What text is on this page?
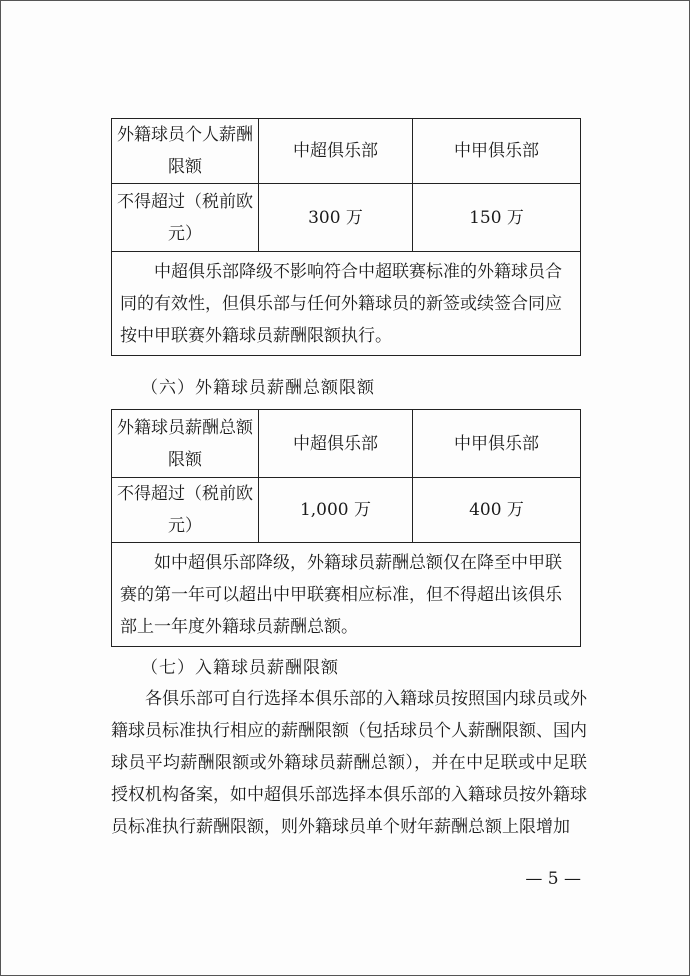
外籍球员个人薪酬限额	中超俱乐部	中甲俱乐部
不得超过（税前欧元）	300 万	150 万
中超俱乐部降级不影响符合中超联赛标准的外籍球员合同的有效性，但俱乐部与任何外籍球员的新签或续签合同应按中甲联赛外籍球员薪酬限额执行。		
（六）外籍球员薪酬总额限额
外籍球员薪酬总额限额	中超俱乐部	中甲俱乐部
不得超过（税前欧元）	1,000 万	400 万
如中超俱乐部降级，外籍球员薪酬总额仅在降至中甲联赛的第一年可以超出中甲联赛相应标准，但不得超出该俱乐部上一年度外籍球员薪酬总额。		
（七）入籍球员薪酬限额
各俱乐部可自行选择本俱乐部的入籍球员按照国内球员或外籍球员标准执行相应的薪酬限额（包括球员个人薪酬限额、国内球员平均薪酬限额或外籍球员薪酬总额），并在中足联或中足联授权机构备案，如中超俱乐部选择本俱乐部的入籍球员按外籍球员标准执行薪酬限额，则外籍球员单个财年薪酬总额上限增加
— 5 —
